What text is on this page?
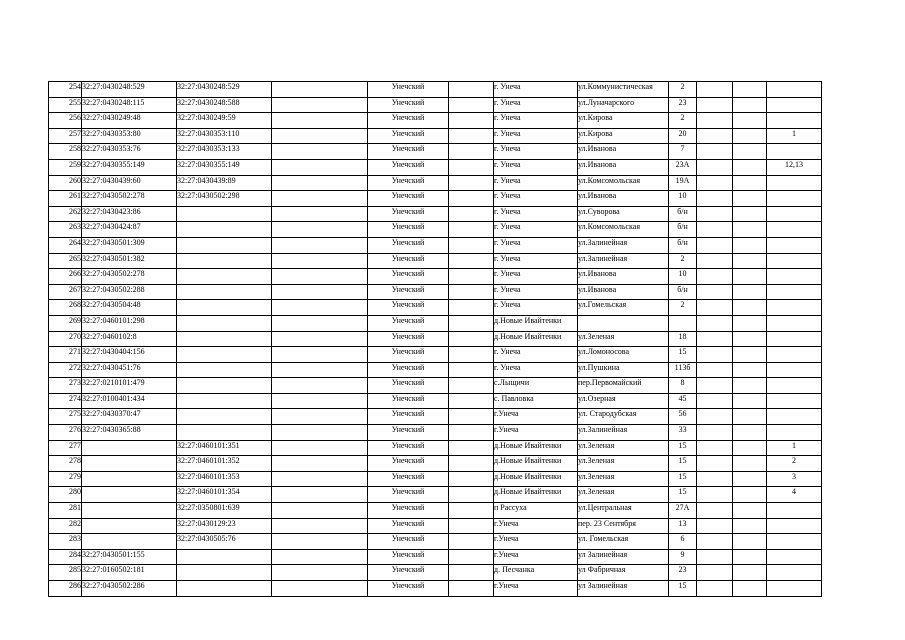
254	32:27:0430248:529	32:27:0430248:529		Унечский		г. Унеча	ул.Коммунистическая	2			
255	32:27:0430248:115	32:27:0430248:588		Унечский		г. Унеча	ул.Луначарского	23			
256	32:27:0430249:48	32:27:0430249:59		Унечский		г. Унеча	ул.Кирова	2			
257	32:27:0430353:80	32:27:0430353:110		Унечский		г. Унеча	ул.Кирова	20			1
258	32:27:0430353:76	32:27:0430353:133		Унечский		г. Унеча	ул.Иванова	7			
259	32:27:0430355:149	32:27:0430355:149		Унечский		г. Унеча	ул.Иванова	23А			12,13
260	32:27:0430439:60	32:27:0430439:89		Унечский		г. Унеча	ул.Комсомольская	19А			
261	32:27:0430502:278	32:27:0430502:298		Унечский		г. Унеча	ул.Иванова	10			
262	32:27:0430423:86			Унечский		г. Унеча	ул.Суворова	б/н			
263	32:27:0430424:87			Унечский		г. Унеча	ул.Комсомольская	б/н			
264	32:27:0430501:309			Унечский		г. Унеча	ул.Залинейная	б/н			
265	32:27:0430501:382			Унечский		г. Унеча	ул.Залинейная	2			
266	32:27:0430502:278			Унечский		г. Унеча	ул.Иванова	10			
267	32:27:0430502:288			Унечский		г. Унеча	ул.Иванова	б/н			
268	32:27:0430504:48			Унечский		г. Унеча	ул.Гомельская	2			
269	32:27:0460101:298			Унечский		д.Новые Ивайтенки					
270	32:27:0460102:8			Унечский		д.Новые Ивайтенки	ул.Зеленая	18			
271	32:27:0430404:156			Унечский		г. Унеча	ул.Ломоносова	15			
272	32:27:0430451:76			Унечский		г. Унеча	ул.Пушкина	113б			
273	32:27:0210101:479			Унечский		с.Лыщичи	пер.Первомайский	8			
274	32:27:0100401:434			Унечский		с. Павловка	ул.Озерная	45			
275	32:27:0430370:47			Унечский		г.Унеча	ул. Стародубская	56			
276	32:27:0430365:88			Унечский		г.Унеча	ул.Залинейная	33			
277		32:27:0460101:351		Унечский		д.Новые Ивайтенки	ул.Зеленая	15			1
278		32:27:0460101:352		Унечский		д.Новые Ивайтенки	ул.Зеленая	15			2
279		32:27:0460101:353		Унечский		д.Новые Ивайтенки	ул.Зеленая	15			3
280		32:27:0460101:354		Унечский		д.Новые Ивайтенки	ул.Зеленая	15			4
281		32:27:0350801:639		Унечский		п Рассуха	ул.Центральная	27А			
282		32:27:0430129:23		Унечский		г.Унеча	пер. 23 Сентября	13			
283		32:27:0430505:76		Унечский		г.Унеча	ул. Гомельская	6			
284	32:27:0430501:155			Унечский		г.Унеча	ул Залинейная	9			
285	32:27:0160502:181			Унечский		д. Песчанка	ул Фабричная	23			
286	32:27:0430502:286			Унечский		г.Унеча	ул Залинейная	15			
